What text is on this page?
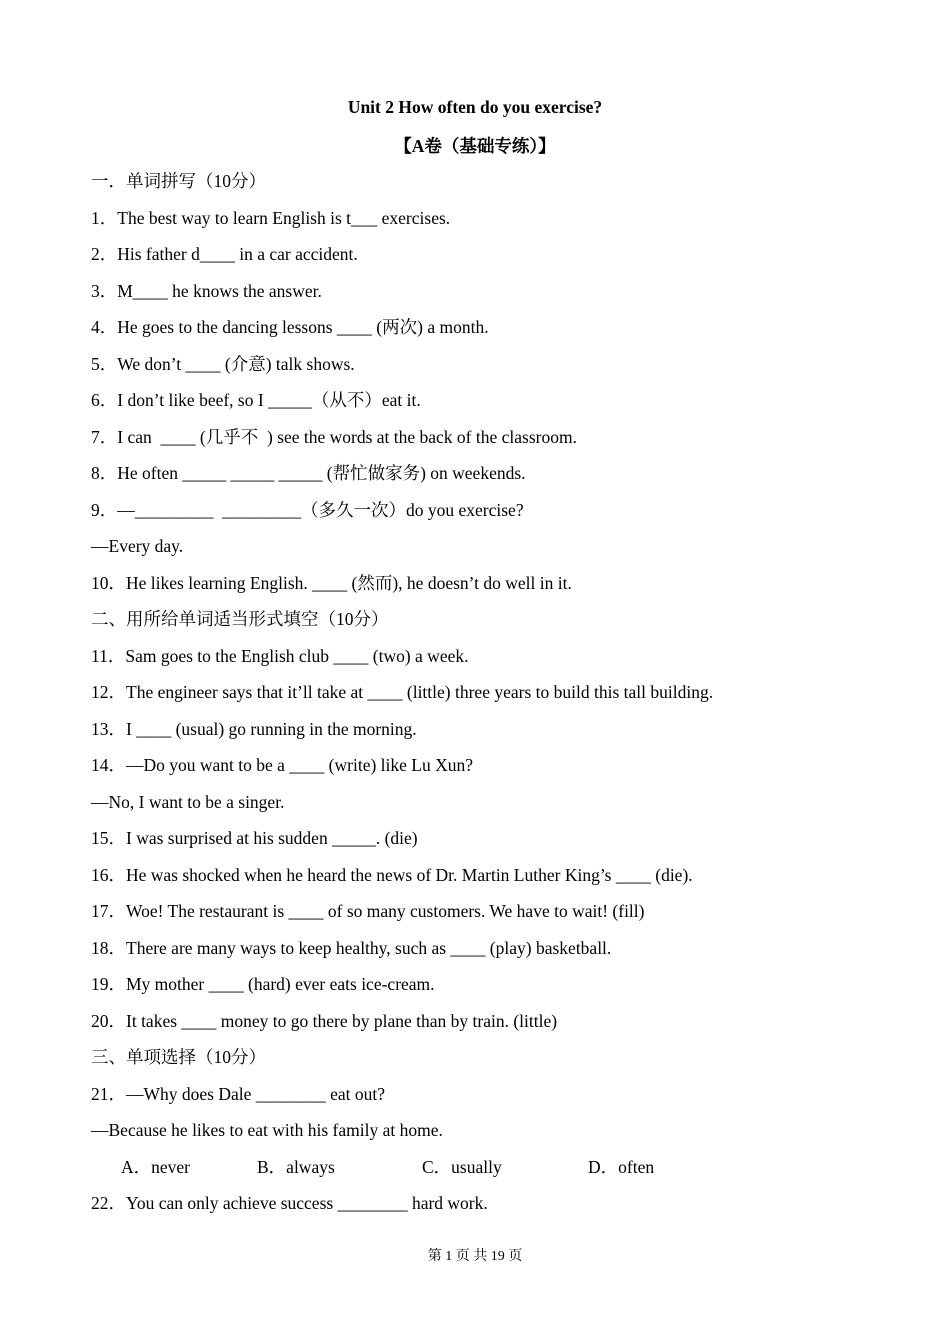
Unit 2 How often do you exercise?
【A卷（基础专练）】
一．单词拼写（10分）
1．The best way to learn English is t___ exercises.
2．His father d____ in a car accident.
3．M____ he knows the answer.
4．He goes to the dancing lessons ____ (两次) a month.
5．We don’t ____ (介意) talk shows.
6．I don’t like beef, so I _____（从不）eat it.
7．I can  ____ (几乎不  ) see the words at the back of the classroom.
8．He often _____ _____ _____ (帮忙做家务) on weekends.
9．—_________  _________（多久一次）do you exercise?
—Every day.
10．He likes learning English. ____ (然而), he doesn’t do well in it.
二、用所给单词适当形式填空（10分）
11．Sam goes to the English club ____ (two) a week.
12．The engineer says that it’ll take at ____ (little) three years to build this tall building.
13．I ____ (usual) go running in the morning.
14．—Do you want to be a ____ (write) like Lu Xun?
—No, I want to be a singer.
15．I was surprised at his sudden _____. (die)
16．He was shocked when he heard the news of Dr. Martin Luther King’s ____ (die).
17．Woe! The restaurant is ____ of so many customers. We have to wait! (fill)
18．There are many ways to keep healthy, such as ____ (play) basketball.
19．My mother ____ (hard) ever eats ice-cream.
20．It takes ____ money to go there by plane than by train. (little)
三、单项选择（10分）
21．—Why does Dale ________ eat out?
—Because he likes to eat with his family at home.
A．never	B．always	C．usually	D．often
22．You can only achieve success ________ hard work.
第 1 页 共 19 页
